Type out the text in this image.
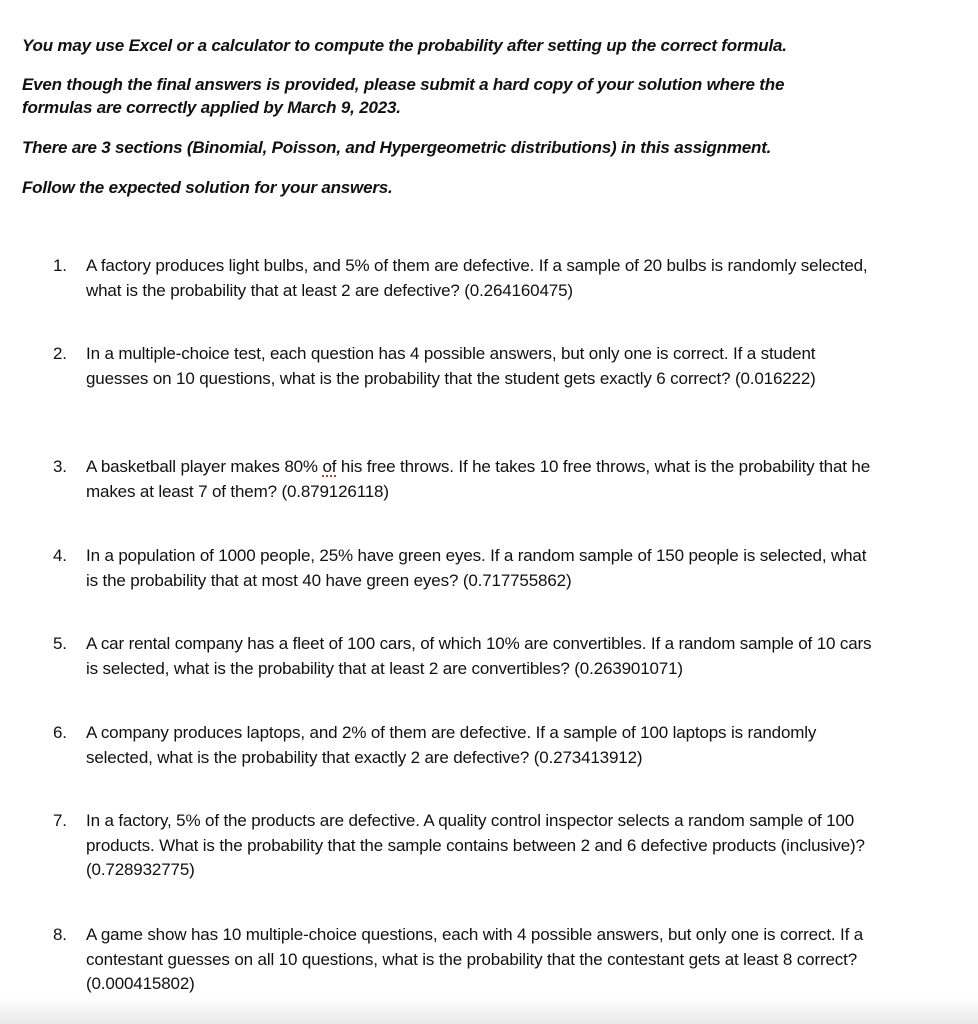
You may use Excel or a calculator to compute the probability after setting up the correct formula.

Even though the final answers is provided, please submit a hard copy of your solution where the formulas are correctly applied by March 9, 2023.

There are 3 sections (Binomial, Poisson, and Hypergeometric distributions) in this assignment.

Follow the expected solution for your answers.

1.	A factory produces light bulbs, and 5% of them are defective. If a sample of 20 bulbs is randomly selected, what is the probability that at least 2 are defective? (0.264160475)
2.	In a multiple-choice test, each question has 4 possible answers, but only one is correct. If a student guesses on 10 questions, what is the probability that the student gets exactly 6 correct? (0.016222)
3.	A basketball player makes 80% of his free throws. If he takes 10 free throws, what is the probability that he makes at least 7 of them? (0.879126118)
4.	In a population of 1000 people, 25% have green eyes. If a random sample of 150 people is selected, what is the probability that at most 40 have green eyes? (0.717755862)
5.	A car rental company has a fleet of 100 cars, of which 10% are convertibles. If a random sample of 10 cars is selected, what is the probability that at least 2 are convertibles? (0.263901071)
6.	A company produces laptops, and 2% of them are defective. If a sample of 100 laptops is randomly selected, what is the probability that exactly 2 are defective? (0.273413912)
7.	In a factory, 5% of the products are defective. A quality control inspector selects a random sample of 100 products. What is the probability that the sample contains between 2 and 6 defective products (inclusive)? (0.728932775)
8.	A game show has 10 multiple-choice questions, each with 4 possible answers, but only one is correct. If a contestant guesses on all 10 questions, what is the probability that the contestant gets at least 8 correct? (0.000415802)
